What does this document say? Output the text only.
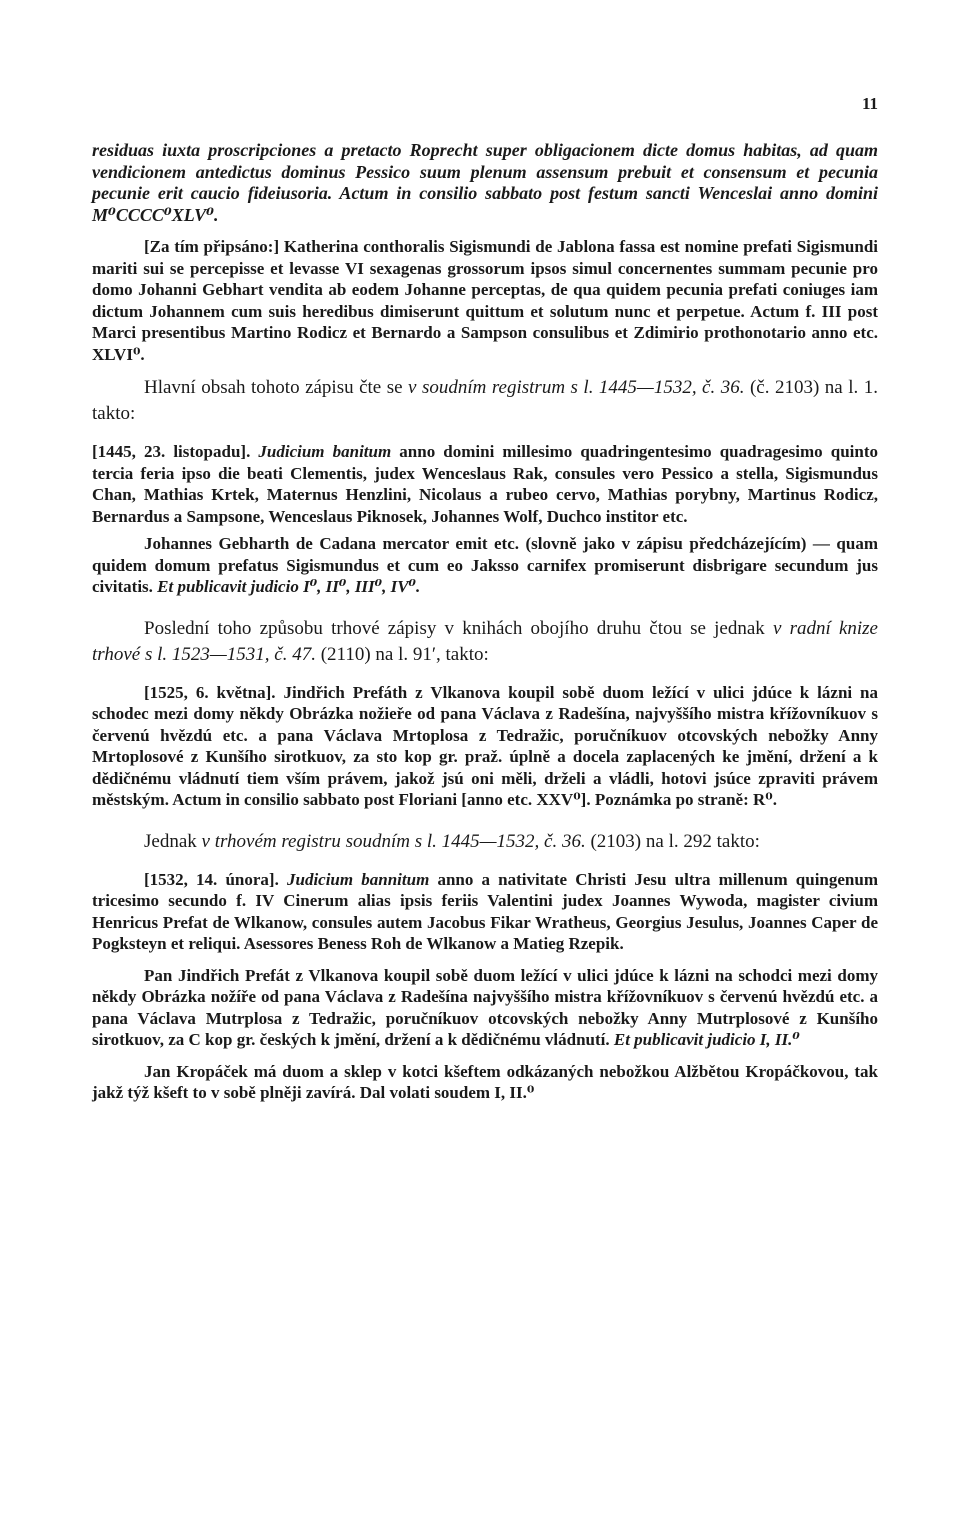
11

residuas iuxta proscripciones a pretacto Roprecht super obligacionem dicte domus habitas, ad quam vendicionem antedictus dominus Pessico suum plenum assensum prebuit et consensum et pecunia pecunie erit caucio fideiusoria. Actum in consilio sabbato post festum sancti Wenceslai anno domini M⁰CCCC⁰XLV⁰.

[Za tím připsáno:] Katherina conthoralis Sigismundi de Jablona fassa est nomine prefati Sigismundi mariti sui se percepisse et levasse VI sexagenas grossorum ipsos simul concernentes summam pecunie pro domo Johanni Gebhart vendita ab eodem Johanne perceptas, de qua quidem pecunia prefati coniuges iam dictum Johannem cum suis heredibus dimiserunt quittum et solutum nunc et perpetue. Actum f. III post Marci presentibus Martino Rodicz et Bernardo a Sampson consulibus et Zdimirio prothonotario anno etc. XLVI⁰.

Hlavní obsah tohoto zápisu čte se v soudním registrum s l. 1445—1532, č. 36. (č. 2103) na l. 1. takto:

[1445, 23. listopadu]. Judicium banitum anno domini millesimo quadringentesimo quadragesimo quinto tercia feria ipso die beati Clementis, judex Wenceslaus Rak, consules vero Pessico a stella, Sigismundus Chan, Mathias Krtek, Maternus Henzlini, Nicolaus a rubeo cervo, Mathias porybny, Martinus Rodicz, Bernardus a Sampsone, Wenceslaus Piknosek, Johannes Wolf, Duchco institor etc.

Johannes Gebharth de Cadana mercator emit etc. (slovně jako v zápisu předcházejícím) — quam quidem domum prefatus Sigismundus et cum eo Jaksso carnifex promiserunt disbrigare secundum jus civitatis. Et publicavit judicio I⁰, II⁰, III⁰, IV⁰.

Poslední toho způsobu trhové zápisy v knihách obojího druhu čtou se jednak v radní knize trhové s l. 1523—1531, č. 47. (2110) na l. 91′, takto:

[1525, 6. května]. Jindřich Prefáth z Vlkanova koupil sobě duom ležící v ulici jdúce k lázni na schodec mezi domy někdy Obrázka nožieře od pana Václava z Radešína, najvyššího mistra křížovníkuov s červenú hvězdú etc. a pana Václava Mrtoplosa z Tedražic, poručníkuov otcovských nebožky Anny Mrtoplosové z Kunšího sirotkuov, za sto kop gr. praž. úplně a docela zaplacených ke jmění, držení a k dědičnému vládnutí tiem vším právem, jakož jsú oni měli, drželi a vládli, hotovi jsúce zpraviti právem městským. Actum in consilio sabbato post Floriani [anno etc. XXV⁰]. Poznámka po straně: R⁰.

Jednak v trhovém registru soudním s l. 1445—1532, č. 36. (2103) na l. 292 takto:

[1532, 14. února]. Judicium bannitum anno a nativitate Christi Jesu ultra millenum quingenum tricesimo secundo f. IV Cinerum alias ipsis feriis Valentini judex Joannes Wywoda, magister civium Henricus Prefat de Wlkanow, consules autem Jacobus Fikar Wratheus, Georgius Jesulus, Joannes Caper de Pogksteyn et reliqui. Asessores Beness Roh de Wlkanow a Matieg Rzepik.

Pan Jindřich Prefát z Vlkanova koupil sobě duom ležící v ulici jdúce k lázni na schodci mezi domy někdy Obrázka nožíře od pana Václava z Radešína najvyššího mistra křížovníkuov s červenú hvězdú etc. a pana Václava Mutrplosa z Tedražic, poručníkuov otcovských nebožky Anny Mutrplosové z Kunšího sirotkuov, za C kop gr. českých k jmění, držení a k dědičnému vládnutí. Et publicavit judicio I, II.⁰

Jan Kropáček má duom a sklep v kotci kšeftem odkázaných nebožkou Alžbětou Kropáčkovou, tak jakž týž kšeft to v sobě plněji zavírá. Dal volati soudem I, II.⁰
